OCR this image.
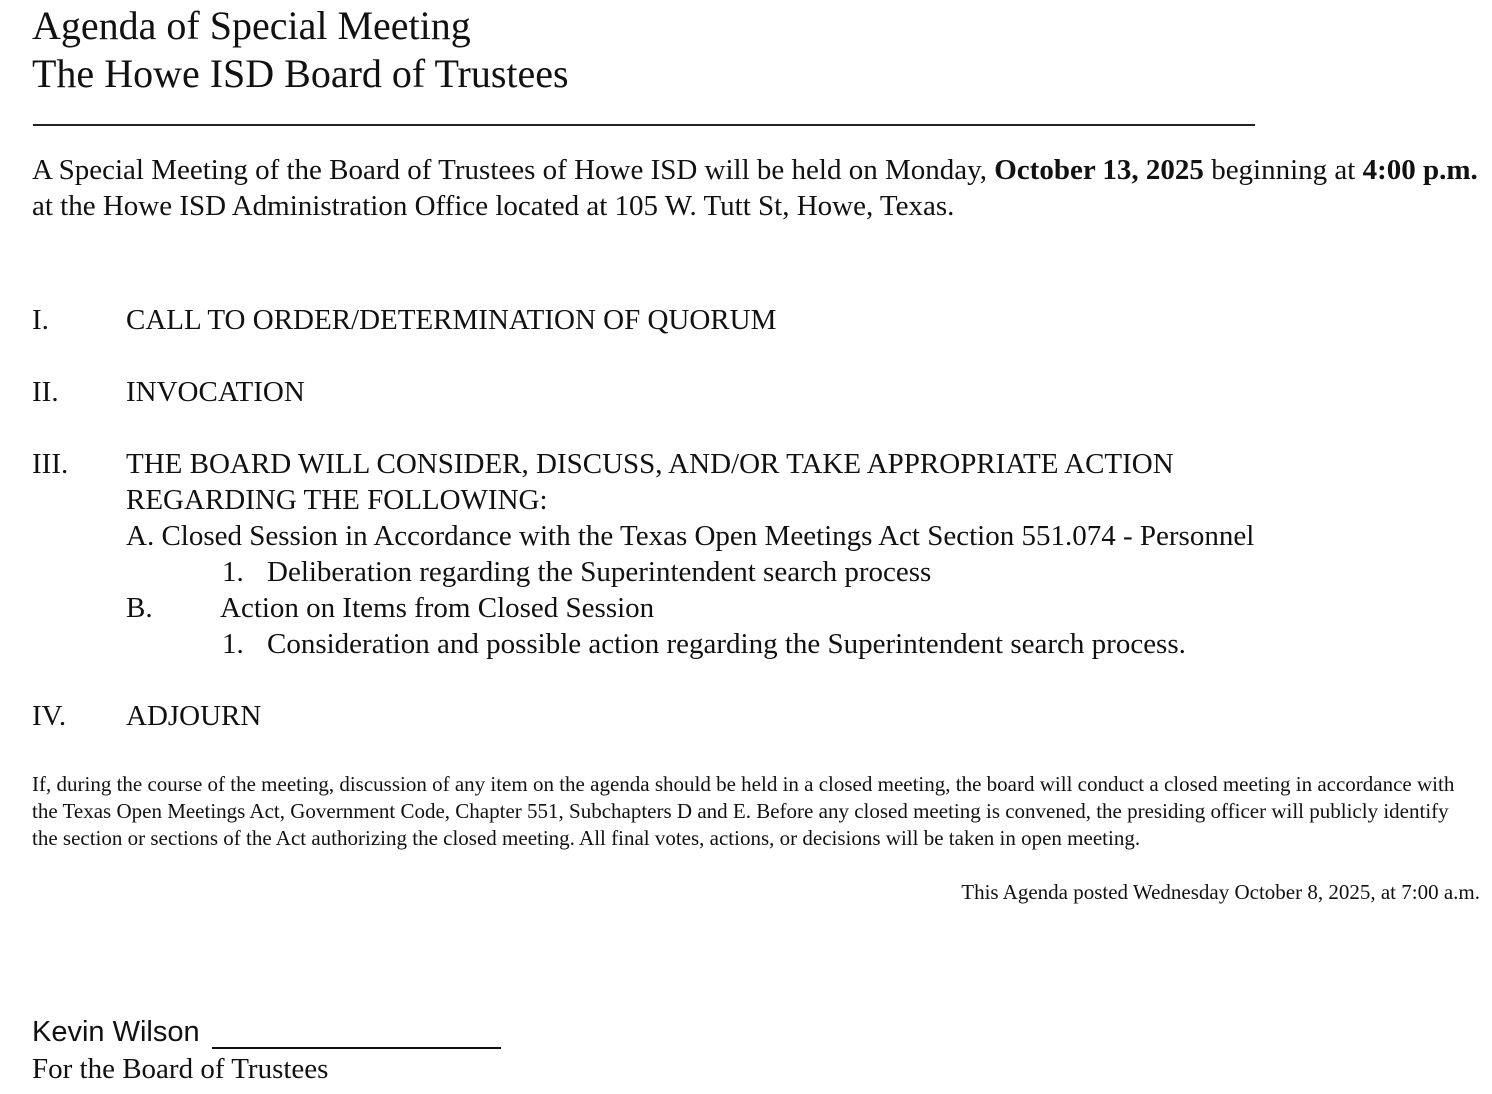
Agenda of Special Meeting
The Howe ISD Board of Trustees
A Special Meeting of the Board of Trustees of Howe ISD will be held on Monday, October 13, 2025 beginning at 4:00 p.m. at the Howe ISD Administration Office located at 105 W. Tutt St, Howe, Texas.
I.	CALL TO ORDER/DETERMINATION OF QUORUM
II. INVOCATION
III. THE BOARD WILL CONSIDER, DISCUSS, AND/OR TAKE APPROPRIATE ACTION
REGARDING THE FOLLOWING:
A. Closed Session in Accordance with the Texas Open Meetings Act Section 551.074 - Personnel
1. Deliberation regarding the Superintendent search process
B. Action on Items from Closed Session
1. Consideration and possible action regarding the Superintendent search process.
IV. ADJOURN
If, during the course of the meeting, discussion of any item on the agenda should be held in a closed meeting, the board will conduct a closed meeting in accordance with the Texas Open Meetings Act, Government Code, Chapter 551, Subchapters D and E. Before any closed meeting is convened, the presiding officer will publicly identify the section or sections of the Act authorizing the closed meeting. All final votes, actions, or decisions will be taken in open meeting.
This Agenda posted Wednesday October 8, 2025, at 7:00 a.m.
Kevin Wilson
For the Board of Trustees
